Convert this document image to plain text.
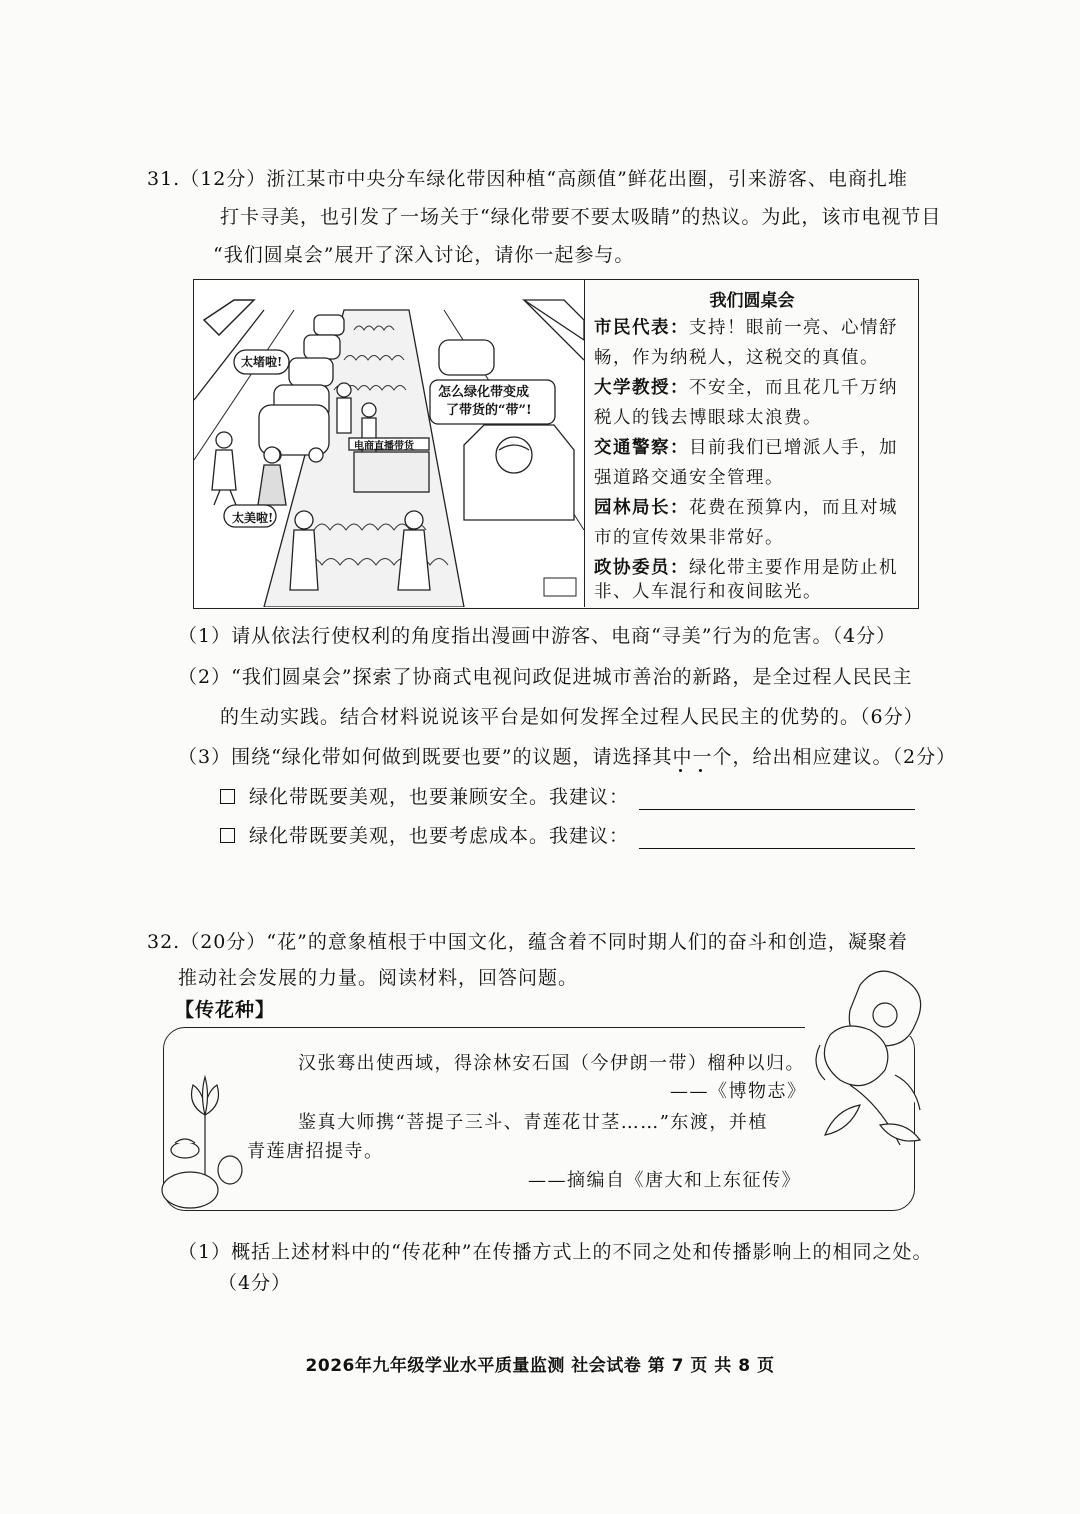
31.（12分）浙江某市中央分车绿化带因种植“高颜值”鲜花出圈，引来游客、电商扎堆
打卡寻美，也引发了一场关于“绿化带要不要太吸睛”的热议。为此，该市电视节目
“我们圆桌会”展开了深入讨论，请你一起参与。
太堵啦!
怎么绿化带变成
了带货的“带”!
电商直播带货
太美啦!
我们圆桌会
市民代表：支持！眼前一亮、心情舒
畅，作为纳税人，这税交的真值。
大学教授：不安全，而且花几千万纳
税人的钱去博眼球太浪费。
交通警察：目前我们已增派人手，加
强道路交通安全管理。
园林局长：花费在预算内，而且对城
市的宣传效果非常好。
政协委员：绿化带主要作用是防止机
非、人车混行和夜间眩光。
（1）请从依法行使权利的角度指出漫画中游客、电商“寻美”行为的危害。（4分）
（2）“我们圆桌会”探索了协商式电视问政促进城市善治的新路，是全过程人民民主
的生动实践。结合材料说说该平台是如何发挥全过程人民民主的优势的。（6分）
（3）围绕“绿化带如何做到既要也要”的议题，请选择其中一个，给出相应建议。（2分）
绿化带既要美观，也要兼顾安全。我建议：
绿化带既要美观，也要考虑成本。我建议：
32.（20分）“花”的意象植根于中国文化，蕴含着不同时期人们的奋斗和创造，凝聚着
推动社会发展的力量。阅读材料，回答问题。
【传花种】
汉张骞出使西域，得涂林安石国（今伊朗一带）榴种以归。
——《博物志》
鉴真大师携“菩提子三斗、青莲花廿茎……”东渡，并植
青莲唐招提寺。
——摘编自《唐大和上东征传》
（1）概括上述材料中的“传花种”在传播方式上的不同之处和传播影响上的相同之处。
（4分）
2026年九年级学业水平质量监测 社会试卷 第 7 页 共 8 页
